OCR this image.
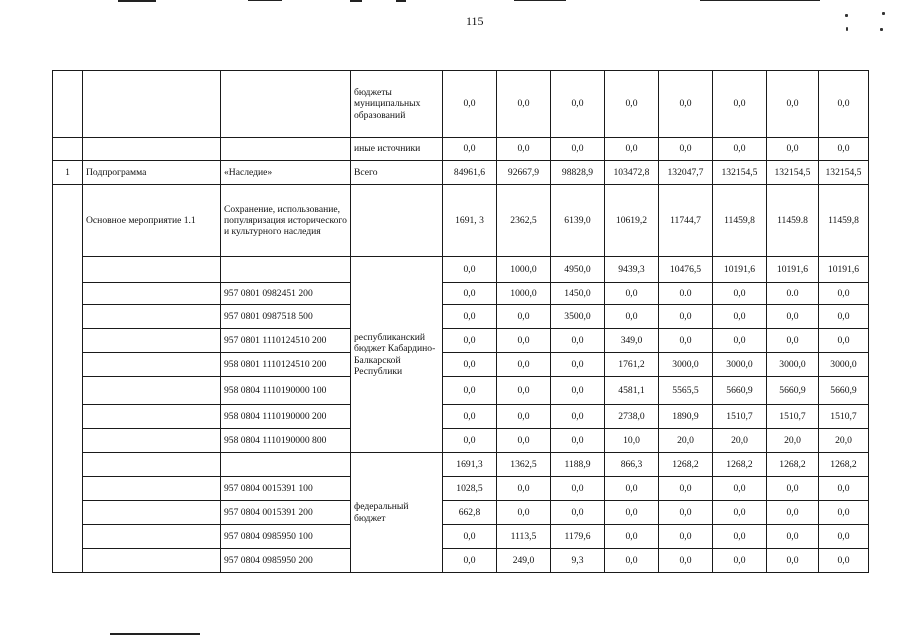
115
			бюджеты муниципальных образований	0,0	0,0	0,0	0,0	0,0	0,0	0,0	0,0
			иные источники	0,0	0,0	0,0	0,0	0,0	0,0	0,0	0,0
1	Подпрограмма	«Наследие»	Всего	84961,6	92667,9	98828,9	103472,8	132047,7	132154,5	132154,5	132154,5
	Основное мероприятие 1.1	Сохранение, использование, популяризация исторического и культурного наследия		1691, 3	2362,5	6139,0	10619,2	11744,7	11459,8	11459.8	11459,8
			республиканский бюджет Кабардино-Балкарской Республики	0,0	1000,0	4950,0	9439,3	10476,5	10191,6	10191,6	10191,6
		957 0801 0982451 200		0,0	1000,0	1450,0	0,0	0.0	0,0	0.0	0,0
		957 0801 0987518 500		0,0	0,0	3500,0	0,0	0,0	0,0	0,0	0,0
		957 0801 1110124510 200		0,0	0,0	0,0	349,0	0,0	0,0	0,0	0,0
		958 0801 1110124510 200		0,0	0,0	0,0	1761,2	3000,0	3000,0	3000,0	3000,0
		958 0804 1110190000 100		0,0	0,0	0,0	4581,1	5565,5	5660,9	5660,9	5660,9
		958 0804 1110190000 200		0,0	0,0	0,0	2738,0	1890,9	1510,7	1510,7	1510,7
		958 0804 1110190000 800		0,0	0,0	0,0	10,0	20,0	20,0	20,0	20,0
			федеральный бюджет	1691,3	1362,5	1188,9	866,3	1268,2	1268,2	1268,2	1268,2
		957 0804 0015391 100		1028,5	0,0	0,0	0,0	0,0	0,0	0,0	0,0
		957 0804 0015391 200		662,8	0,0	0,0	0,0	0,0	0,0	0,0	0,0
		957 0804 0985950 100		0,0	1113,5	1179,6	0,0	0,0	0,0	0,0	0,0
		957 0804 0985950 200		0,0	249,0	9,3	0,0	0,0	0,0	0,0	0,0
